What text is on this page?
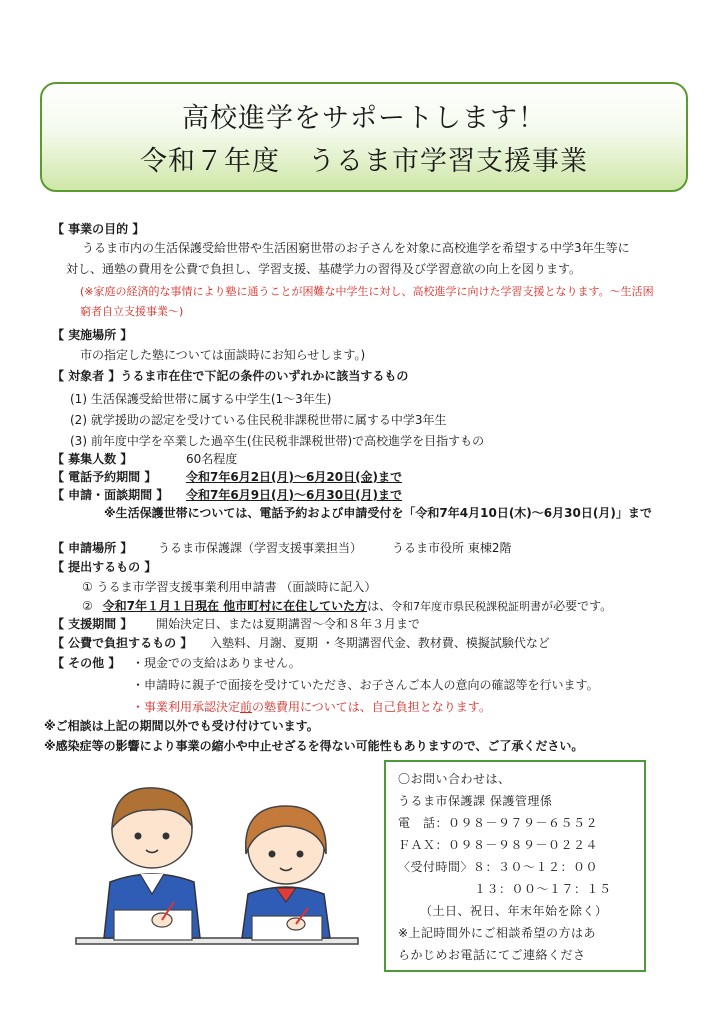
高校進学をサポートします！
令和７年度　うるま市学習支援事業
【 事業の目的 】
うるま市内の生活保護受給世帯や生活困窮世帯のお子さんを対象に高校進学を希望する中学3年生等に
対し、通塾の費用を公費で負担し、学習支援、基礎学力の習得及び学習意欲の向上を図ります。
(※家庭の経済的な事情により塾に通うことが困難な中学生に対し、高校進学に向けた学習支援となります。～生活困
窮者自立支援事業～)
【 実施場所 】
市の指定した塾については面談時にお知らせします。)
【 対象者 】うるま市在住で下記の条件のいずれかに該当するもの
(1) 生活保護受給世帯に属する中学生(1～3年生)
(2) 就学援助の認定を受けている住民税非課税世帯に属する中学3年生
(3) 前年度中学を卒業した過卒生(住民税非課税世帯)で高校進学を目指すもの
【 募集人数 】	60名程度
【 電話予約期間 】 令和7年6月2日(月)～6月20日(金)まで
【 申請・面談期間 】 令和7年6月9日(月)～6月30日(月)まで
※生活保護世帯については、電話予約および申請受付を「令和7年4月10日(木)～6月30日(月)」まで
【 申請場所 】 うるま市保護課（学習支援事業担当） うるま市役所 東棟2階
【 提出するもの 】
① うるま市学習支援事業利用申請書 （面談時に記入）
② 令和7年１月１日現在 他市町村に在住していた方は、令和7年度市県民税課税証明書が必要です。
【 支援期間 】 開始決定日、または夏期講習～令和８年３月まで
【 公費で負担するもの 】 入塾料、月謝、夏期 ・冬期講習代金、教材費、模擬試験代など
【 その他 】 ・現金での支給はありません。
・申請時に親子で面接を受けていただき、お子さんご本人の意向の確認等を行います。
・事業利用承認決定前の塾費用については、自己負担となります。
※ご相談は上記の期間以外でも受け付けています。
※感染症等の影響により事業の縮小や中止せざるを得ない可能性もありますので、ご了承ください。
〇お問い合わせは、
うるま市保護課 保護管理係
電　話：０９８－９７９－６５５２
ＦＡＸ：０９８－９８９－０２２４
〈受付時間〉８：３０～１２：００
１３：００～１７：１５
（土日、祝日、年末年始を除く）
※上記時間外にご相談希望の方はあ
らかじめお電話にてご連絡くださ
